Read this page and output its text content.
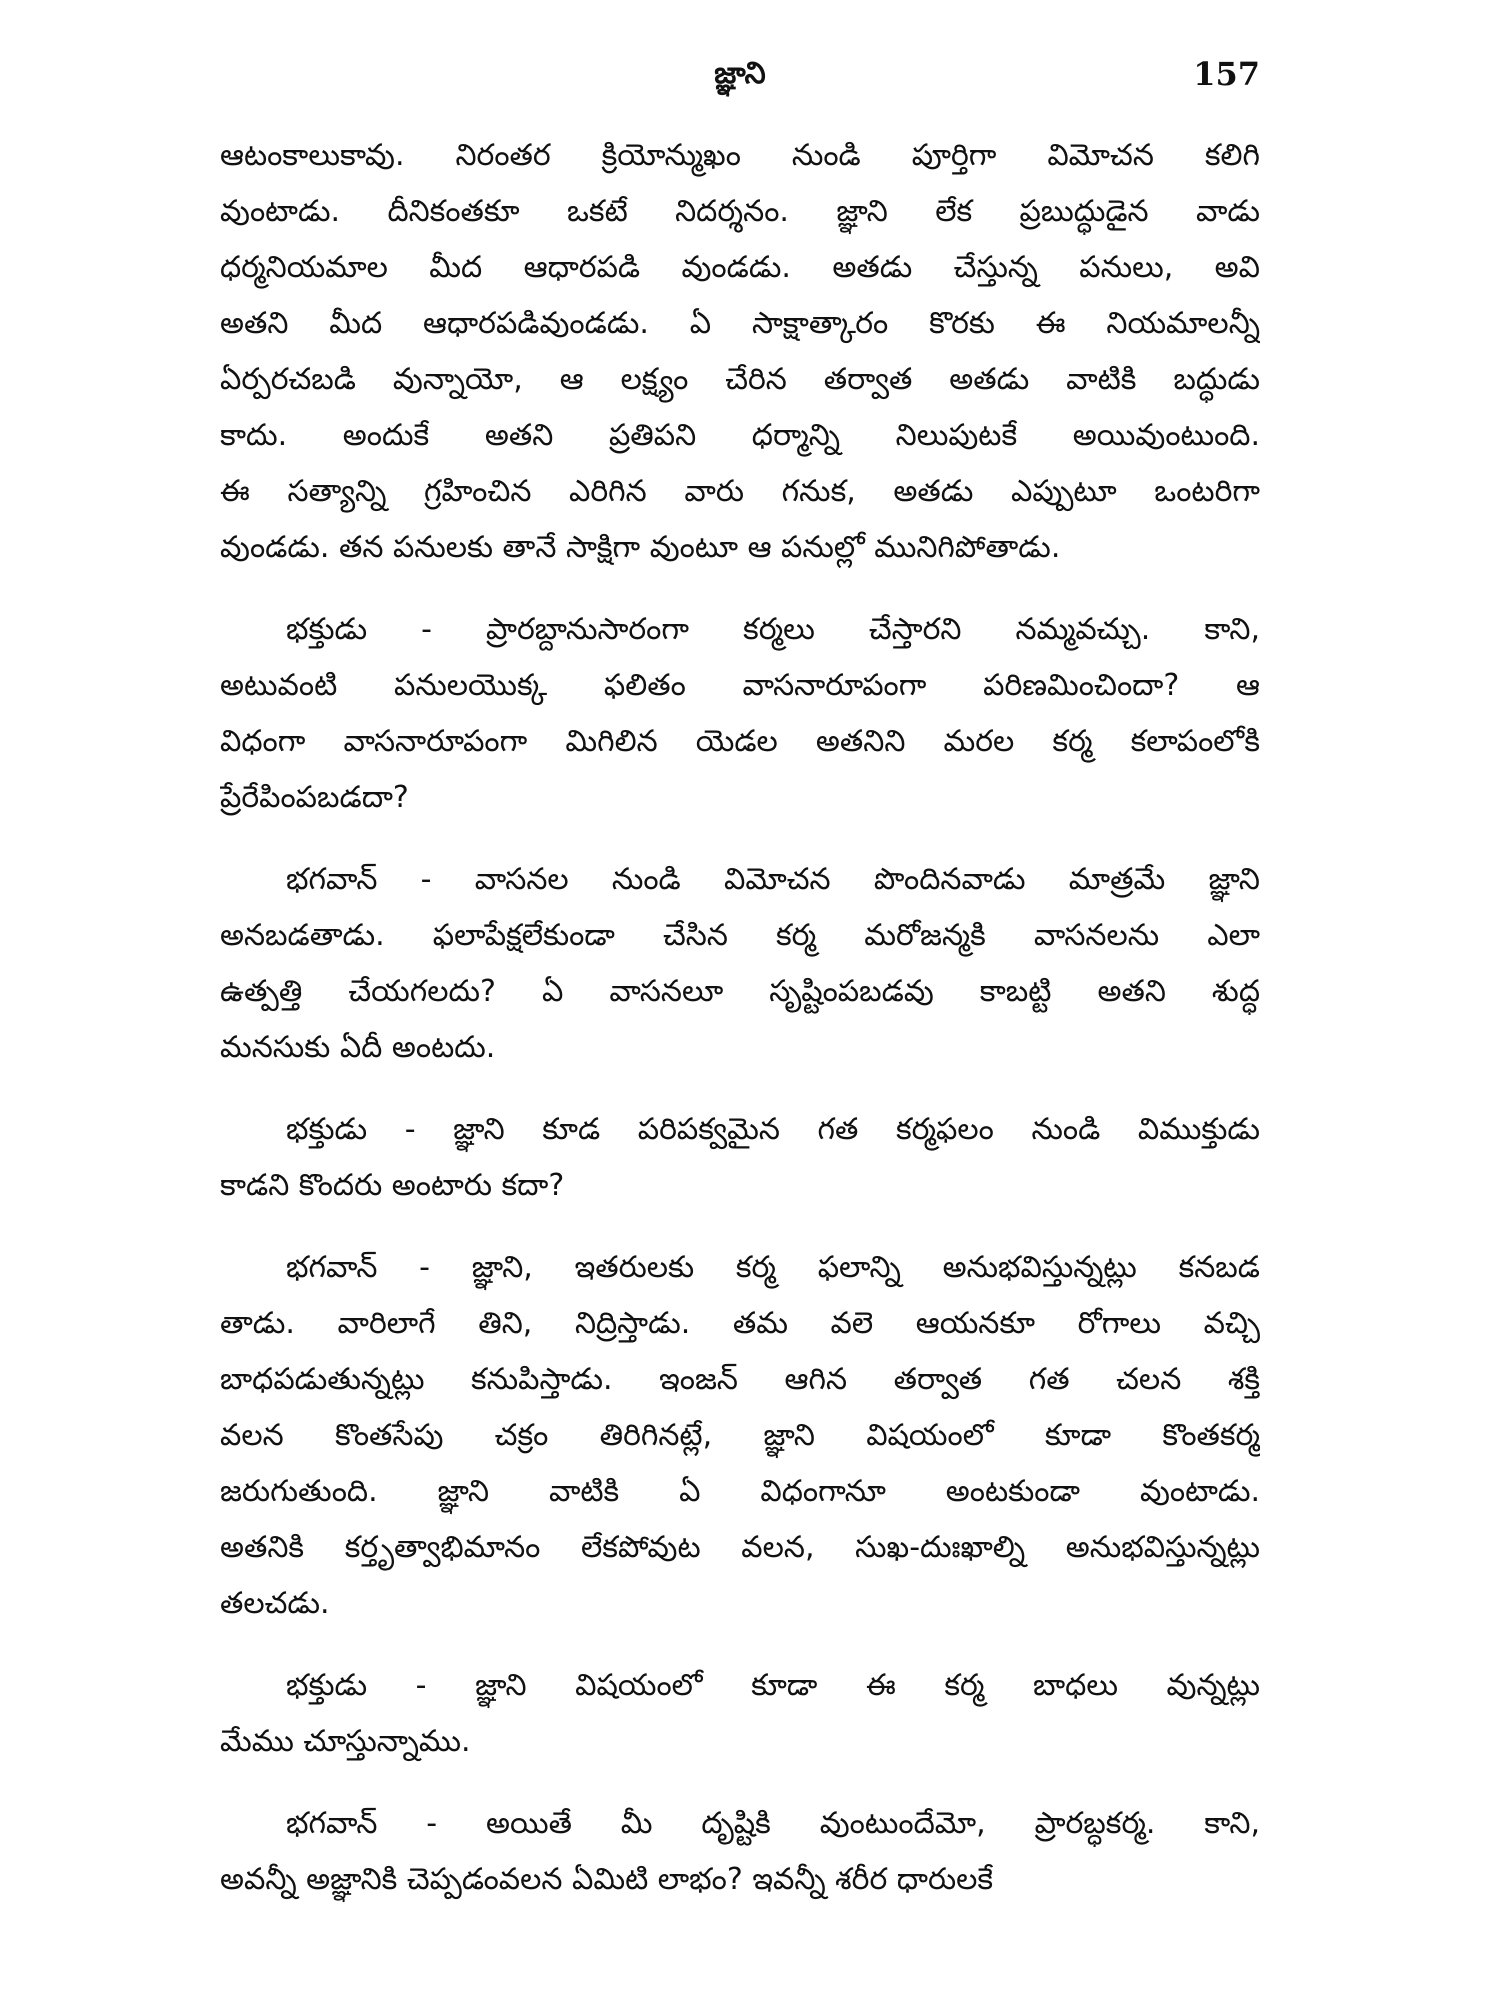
జ్ఞాని	157
ఆటంకాలుకావు. నిరంతర క్రియోన్ముఖం నుండి పూర్తిగా విమోచన కలిగి
వుంటాడు. దీనికంతకూ ఒకటే నిదర్శనం. జ్ఞాని లేక ప్రబుద్ధుడైన వాడు
ధర్మనియమాల మీద ఆధారపడి వుండడు. అతడు చేస్తున్న పనులు, అవి
అతని మీద ఆధారపడివుండడు. ఏ సాక్షాత్కారం కొరకు ఈ నియమాలన్నీ
ఏర్పరచబడి వున్నాయో, ఆ లక్ష్యం చేరిన తర్వాత అతడు వాటికి బద్ధుడు
కాదు. అందుకే అతని ప్రతిపని ధర్మాన్ని నిలుపుటకే అయివుంటుంది.
ఈ సత్యాన్ని గ్రహించిన ఎరిగిన వారు గనుక, అతడు ఎప్పుటూ ఒంటరిగా
వుండడు. తన పనులకు తానే సాక్షిగా వుంటూ ఆ పనుల్లో మునిగిపోతాడు.
భక్తుడు - ప్రారబ్దానుసారంగా కర్మలు చేస్తారని నమ్మవచ్చు. కాని,
అటువంటి పనులయొక్క ఫలితం వాసనారూపంగా పరిణమించిందా? ఆ
విధంగా వాసనారూపంగా మిగిలిన యెడల అతనిని మరల కర్మ కలాపంలోకి
ప్రేరేపింపబడదా?
భగవాన్ - వాసనల నుండి విమోచన పొందినవాడు మాత్రమే జ్ఞాని
అనబడతాడు. ఫలాపేక్షలేకుండా చేసిన కర్మ మరోజన్మకి వాసనలను ఎలా
ఉత్పత్తి చేయగలదు? ఏ వాసనలూ సృష్టింపబడవు కాబట్టి అతని శుద్ధ
మనసుకు ఏదీ అంటదు.
భక్తుడు - జ్ఞాని కూడ పరిపక్వమైన గత కర్మఫలం నుండి విముక్తుడు
కాడని కొందరు అంటారు కదా?
భగవాన్ - జ్ఞాని, ఇతరులకు కర్మ ఫలాన్ని అనుభవిస్తున్నట్లు కనబడ
తాడు. వారిలాగే తిని, నిద్రిస్తాడు. తమ వలె ఆయనకూ రోగాలు వచ్చి
బాధపడుతున్నట్లు కనుపిస్తాడు. ఇంజన్ ఆగిన తర్వాత గత చలన శక్తి
వలన కొంతసేపు చక్రం తిరిగినట్లే, జ్ఞాని విషయంలో కూడా కొంతకర్మ
జరుగుతుంది. జ్ఞాని వాటికి ఏ విధంగానూ అంటకుండా వుంటాడు.
అతనికి కర్తృత్వాభిమానం లేకపోవుట వలన, సుఖ-దుఃఖాల్ని అనుభవిస్తున్నట్లు
తలచడు.
భక్తుడు - జ్ఞాని విషయంలో కూడా ఈ కర్మ బాధలు వున్నట్లు
మేము చూస్తున్నాము.
భగవాన్ - అయితే మీ దృష్టికి వుంటుందేమో, ప్రారబ్ధకర్మ. కాని,
అవన్నీ అజ్ఞానికి చెప్పడంవలన ఏమిటి లాభం? ఇవన్నీ శరీర ధారులకే
